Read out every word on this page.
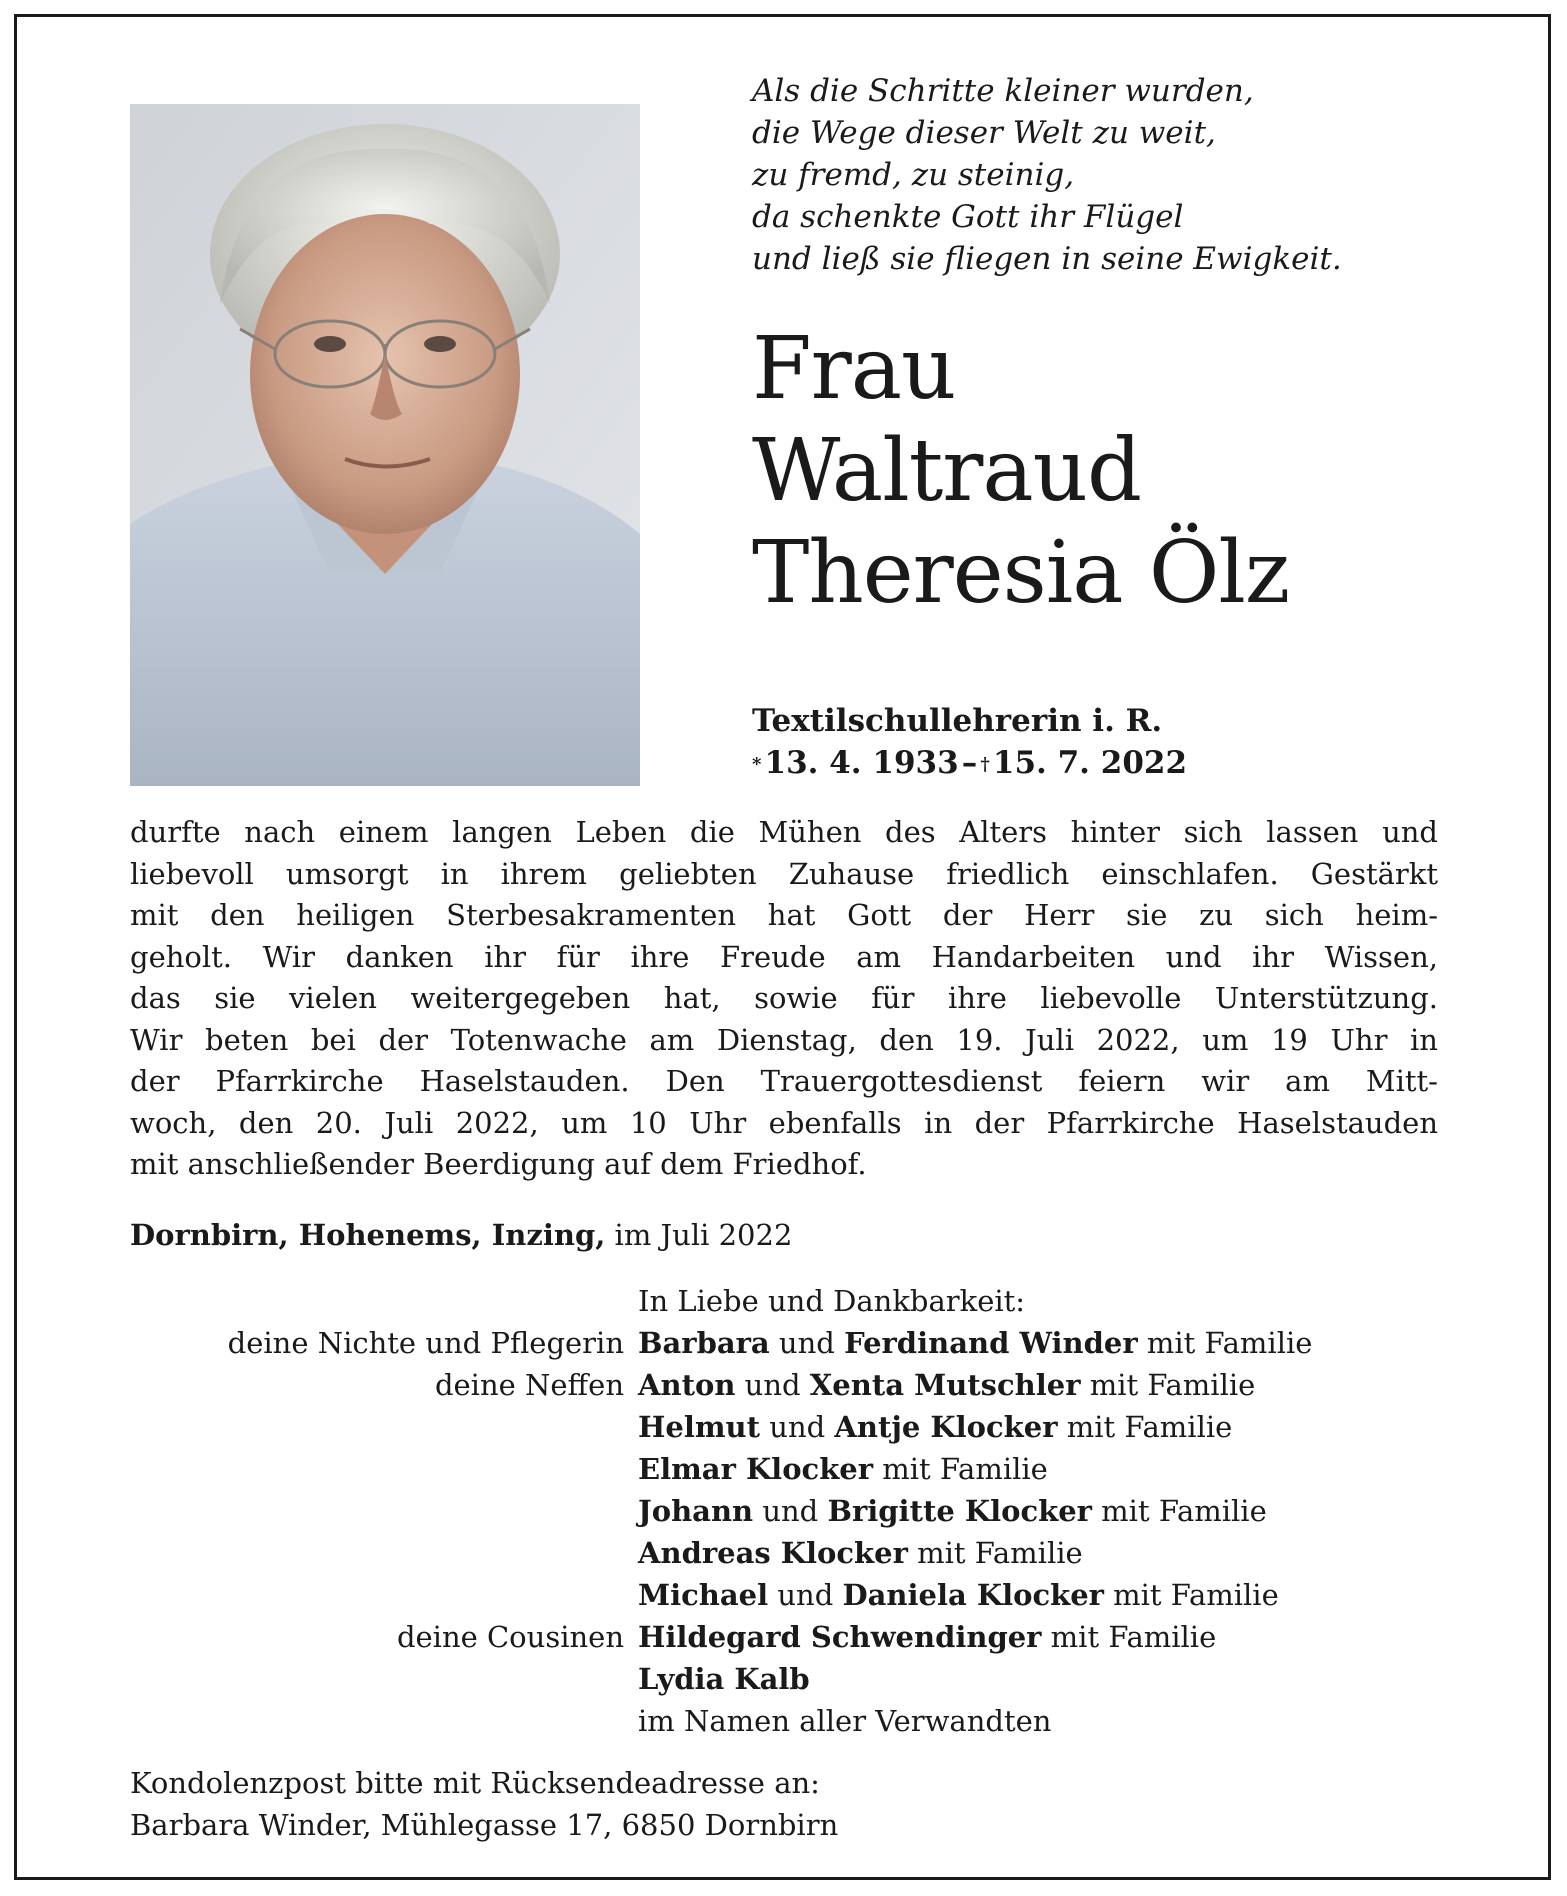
Als die Schritte kleiner wurden,
die Wege dieser Welt zu weit,
zu fremd, zu steinig,
da schenkte Gott ihr Flügel
und ließ sie fliegen in seine Ewigkeit.
Frau
Waltraud
Theresia Ölz
Textilschullehrerin i. R.
* 13. 4. 1933 –  † 15. 7. 2022
durfte nach einem langen Leben die Mühen des Alters hinter sich lassen und
liebevoll umsorgt in ihrem geliebten Zuhause friedlich einschlafen. Gestärkt
mit den heiligen Sterbesakramenten hat Gott der Herr sie zu sich heim-
geholt. Wir danken ihr für ihre Freude am Handarbeiten und ihr Wissen,
das sie vielen weitergegeben hat, sowie für ihre liebevolle Unterstützung.
Wir beten bei der Totenwache am Dienstag, den 19. Juli 2022, um 19 Uhr in
der Pfarrkirche Haselstauden. Den Trauergottesdienst feiern wir am Mitt-
woch, den 20. Juli 2022, um 10 Uhr ebenfalls in der Pfarrkirche Haselstauden
mit anschließender Beerdigung auf dem Friedhof.
Dornbirn, Hohenems, Inzing, im Juli 2022
In Liebe und Dankbarkeit:
deine Nichte und Pflegerin Barbara und Ferdinand Winder mit Familie
deine Neffen Anton und Xenta Mutschler mit Familie
Helmut und Antje Klocker mit Familie
Elmar Klocker mit Familie
Johann und Brigitte Klocker mit Familie
Andreas Klocker mit Familie
Michael und Daniela Klocker mit Familie
deine Cousinen Hildegard Schwendinger mit Familie
Lydia Kalb
im Namen aller Verwandten
Kondolenzpost bitte mit Rücksendeadresse an:
Barbara Winder, Mühlegasse 17, 6850 Dornbirn
